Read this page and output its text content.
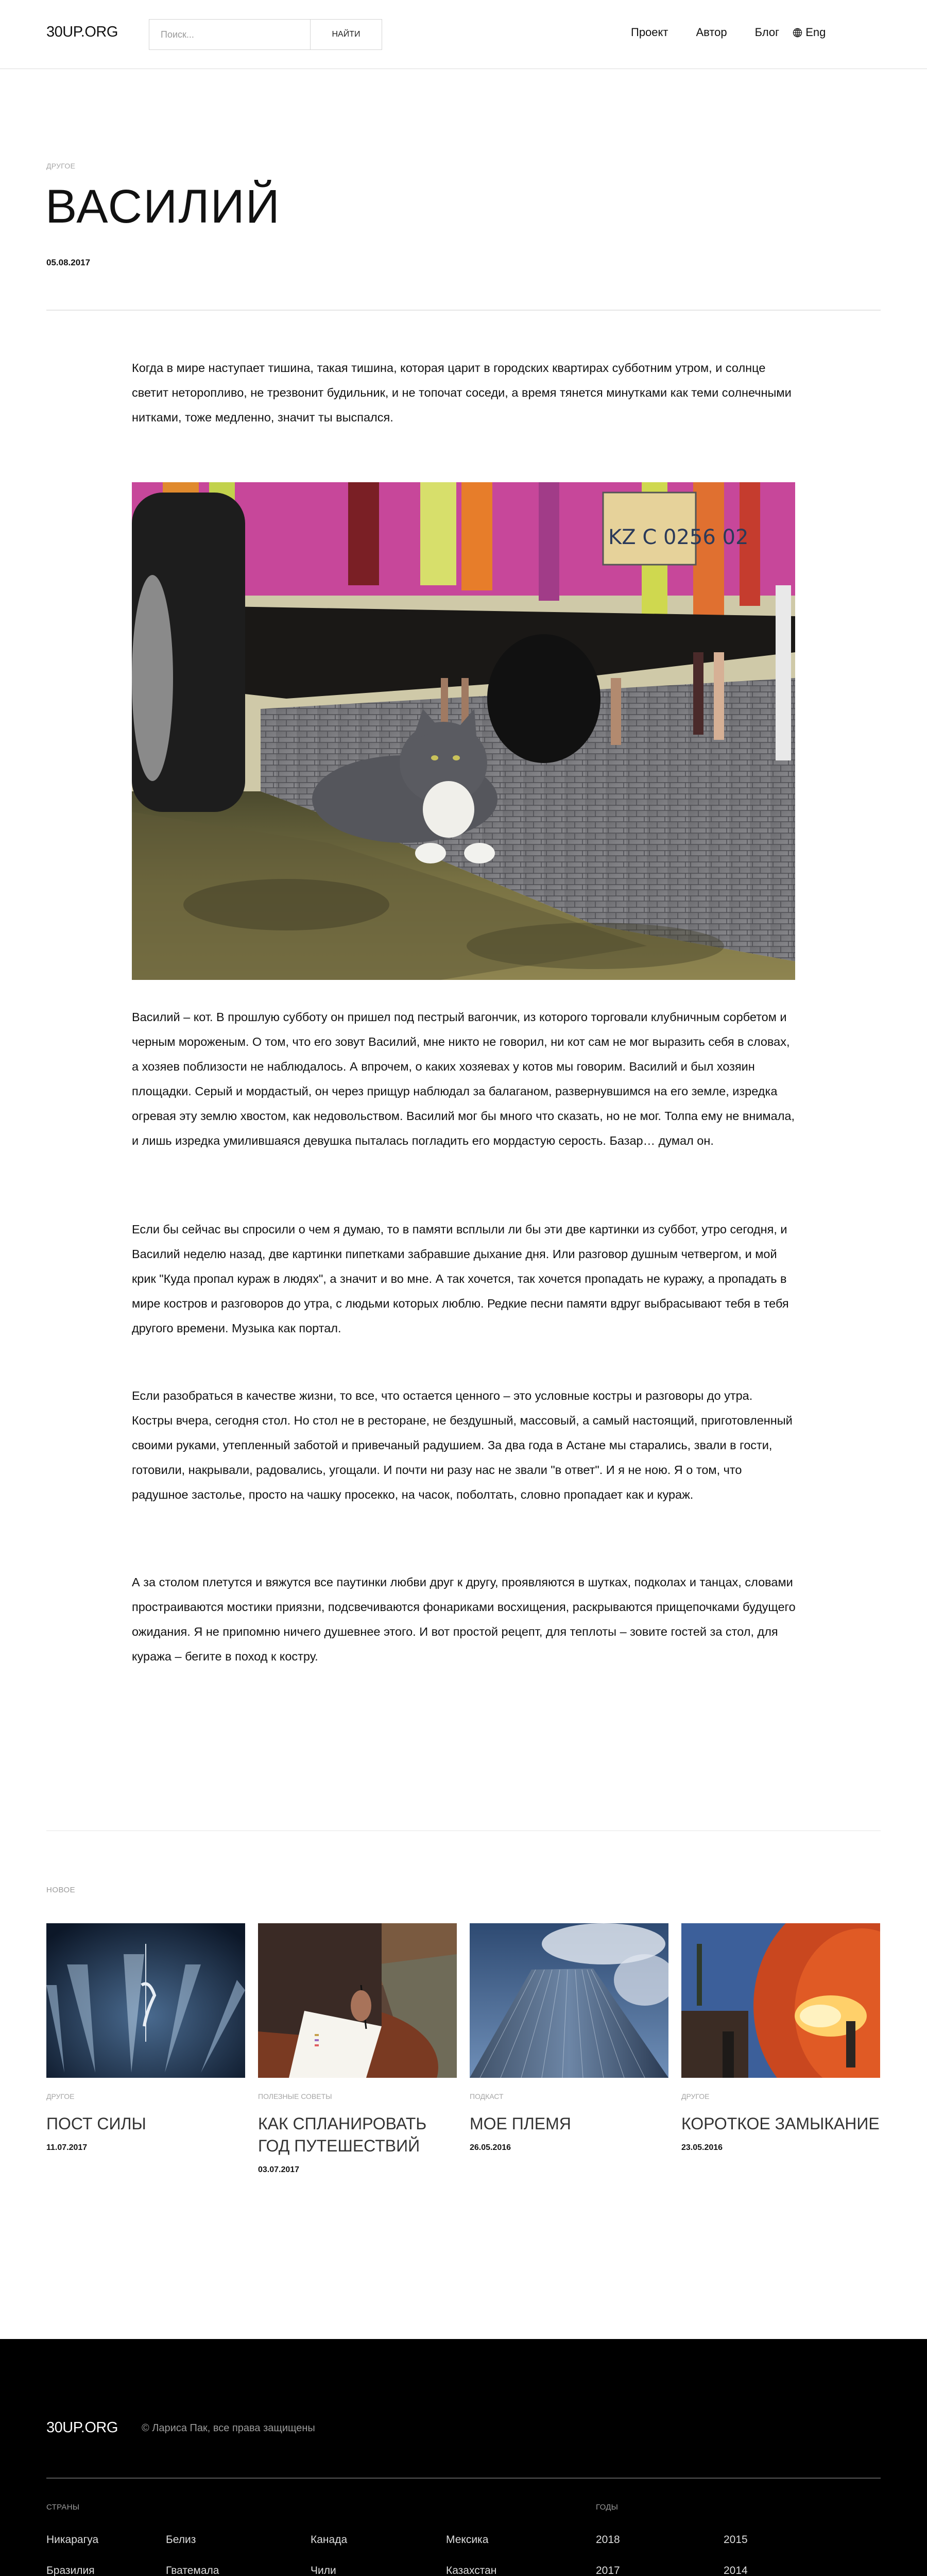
30UP.ORG
Поиск...	НАЙТИ	Проект Автор Блог Eng
ДРУГОЕ
ВАСИЛИЙ
05.08.2017

Когда в мире наступает тишина, такая тишина, которая царит в городских квартирах субботним утром, и солнце светит неторопливо, не трезвонит будильник, и не топочат соседи, а время тянется минутками как теми солнечными нитками, тоже медленно, значит ты выспался.

KZ C 0256 02

Василий – кот. В прошлую субботу он пришел под пестрый вагончик, из которого торговали клубничным сорбетом и черным мороженым. О том, что его зовут Василий, мне никто не говорил, ни кот сам не мог выразить себя в словах, а хозяев поблизости не наблюдалось. А впрочем, о каких хозяевах у котов мы говорим. Василий и был хозяин площадки. Серый и мордастый, он через прищур наблюдал за балаганом, развернувшимся на его земле, изредка огревая эту землю хвостом, как недовольством. Василий мог бы много что сказать, но не мог. Толпа ему не внимала, и лишь изредка умилившаяся девушка пыталась погладить его мордастую серость. Базар… думал он.

Если бы сейчас вы спросили о чем я думаю, то в памяти всплыли ли бы эти две картинки из суббот, утро сегодня, и Василий неделю назад, две картинки пипетками забравшие дыхание дня. Или разговор душным четвергом, и мой крик "Куда пропал кураж в людях", а значит и во мне. А так хочется, так хочется пропадать не куражу, а пропадать в мире костров и разговоров до утра, с людьми которых люблю. Редкие песни памяти вдруг выбрасывают тебя в тебя другого времени. Музыка как портал.

Если разобраться в качестве жизни, то все, что остается ценного – это условные костры и разговоры до утра. Костры вчера, сегодня стол. Но стол не в ресторане, не бездушный, массовый, а самый настоящий, приготовленный своими руками, утепленный заботой и привечаный радушием. За два года в Астане мы старались, звали в гости, готовили, накрывали, радовались, угощали. И почти ни разу нас не звали "в ответ". И я не ною. Я о том, что радушное застолье, просто на чашку просекко, на часок, поболтать, словно пропадает как и кураж.

А за столом плетутся и вяжутся все паутинки любви друг к другу, проявляются в шутках, подколах и танцах, словами простраиваются мостики приязни, подсвечиваются фонариками восхищения, раскрываются прищепочками будущего ожидания. Я не припомню ничего душевнее этого. И вот простой рецепт, для теплоты – зовите гостей за стол, для куража – бегите в поход к костру.

НОВОЕ
ДРУГОЕ
ПОСТ СИЛЫ
11.07.2017
ПОЛЕЗНЫЕ СОВЕТЫ
КАК СПЛАНИРОВАТЬ ГОД ПУТЕШЕСТВИЙ
03.07.2017
ПОДКАСТ
МОЕ ПЛЕМЯ
26.05.2016
ДРУГОЕ
КОРОТКОЕ ЗАМЫКАНИЕ
23.05.2016
30UP.ORG © Лариса Пак, все права защищены
СТРАНЫ
Никарагуа
Бразилия
Белиз
Гватемала
Канада
Чили
Мексика
Казахстан
ГОДЫ
2018
2017
2015
2014
